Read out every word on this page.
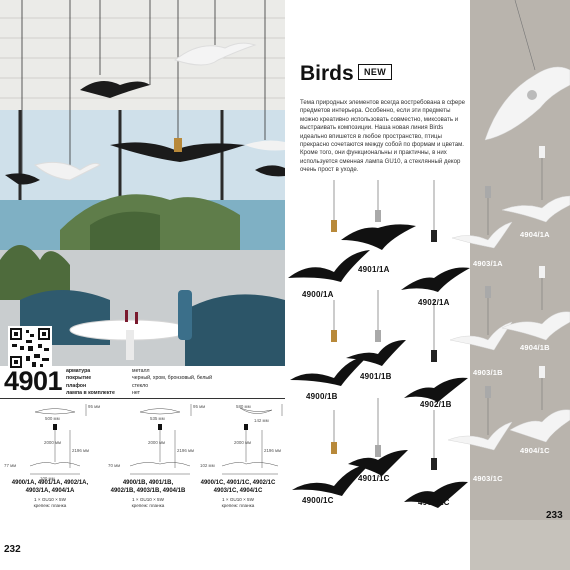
4901 арматура
покрытие
плафон
лампа в комплекте
металл
черный, хром, бронзовый, белый
стекло
нет
500 мм
95 мм
2000 мм
2196 мм
77 мм
100 мм
535 мм
95 мм
2000 мм
2196 мм
70 мм
580 мм
142 мм
2000 мм
2196 мм
102 мм
4900/1A, 4901/1A, 4902/1A,
4903/1A, 4904/1A
1 × GU10 × 5W
крепеж: планка
4900/1B, 4901/1B,
4902/1B, 4903/1B, 4904/1B
1 × GU10 × 5W
крепеж: планка
4900/1C, 4901/1C, 4902/1C
4903/1C, 4904/1C
1 × GU10 × 5W
крепеж: планка
232
Birds	NEW
Тема природных элементов всегда востребована в сфере предметов интерьера. Особенно, если эти предметы можно креативно использовать совместно, миксовать и выстраивать композиции. Наша новая линия Birds идеально впишется в любое пространство, птицы прекрасно сочетаются между собой по формам и цветам. Кроме того, они функциональны и практичны, в них используется сменная лампа GU10, а стеклянный декор очень прост в уходе.
4900/1A
4901/1A
4902/1A
4900/1B
4901/1B
4902/1B
4900/1C
4901/1C
4902/1C
4904/1A
4903/1A
4904/1B
4903/1B
4904/1C
4903/1C
233
